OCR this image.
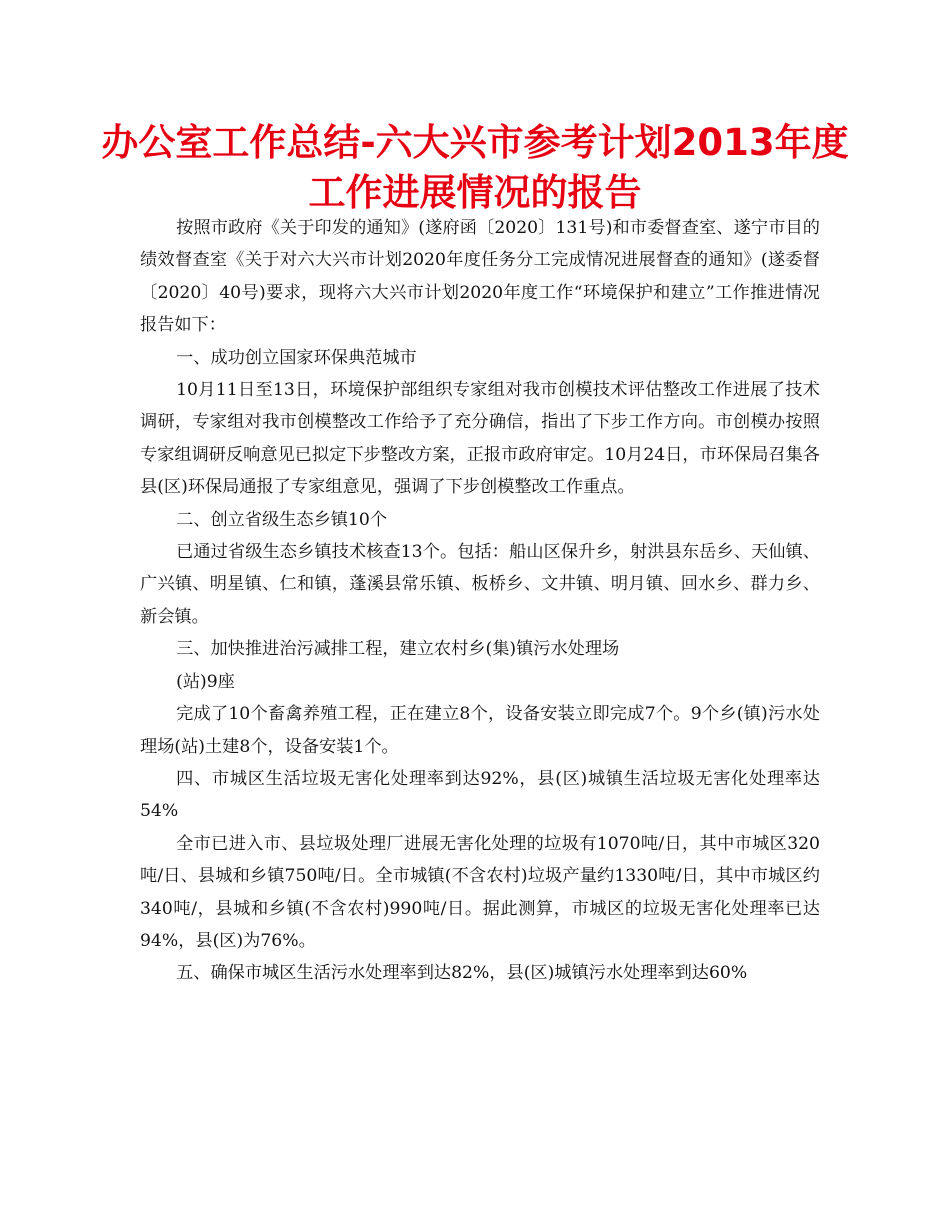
办公室工作总结-六大兴市参考计划2013年度工作进展情况的报告

按照市政府《关于印发的通知》(遂府函〔2020〕131号)和市委督查室、遂宁市目的绩效督查室《关于对六大兴市计划2020年度任务分工完成情况进展督查的通知》(遂委督〔2020〕40号)要求，现将六大兴市计划2020年度工作“环境保护和建立”工作推进情况报告如下：

一、成功创立国家环保典范城市

10月11日至13日，环境保护部组织专家组对我市创模技术评估整改工作进展了技术调研，专家组对我市创模整改工作给予了充分确信，指出了下步工作方向。市创模办按照专家组调研反响意见已拟定下步整改方案，正报市政府审定。10月24日，市环保局召集各县(区)环保局通报了专家组意见，强调了下步创模整改工作重点。

二、创立省级生态乡镇10个

已通过省级生态乡镇技术核查13个。包括：船山区保升乡，射洪县东岳乡、天仙镇、广兴镇、明星镇、仁和镇，蓬溪县常乐镇、板桥乡、文井镇、明月镇、回水乡、群力乡、新会镇。

三、加快推进治污减排工程，建立农村乡(集)镇污水处理场

(站)9座

完成了10个畜禽养殖工程，正在建立8个，设备安装立即完成7个。9个乡(镇)污水处理场(站)土建8个，设备安装1个。

四、市城区生活垃圾无害化处理率到达92%，县(区)城镇生活垃圾无害化处理率达54%

全市已进入市、县垃圾处理厂进展无害化处理的垃圾有1070吨/日，其中市城区320吨/日、县城和乡镇750吨/日。全市城镇(不含农村)垃圾产量约1330吨/日，其中市城区约340吨/，县城和乡镇(不含农村)990吨/日。据此测算，市城区的垃圾无害化处理率已达94%，县(区)为76%。

五、确保市城区生活污水处理率到达82%，县(区)城镇污水处理率到达60%
